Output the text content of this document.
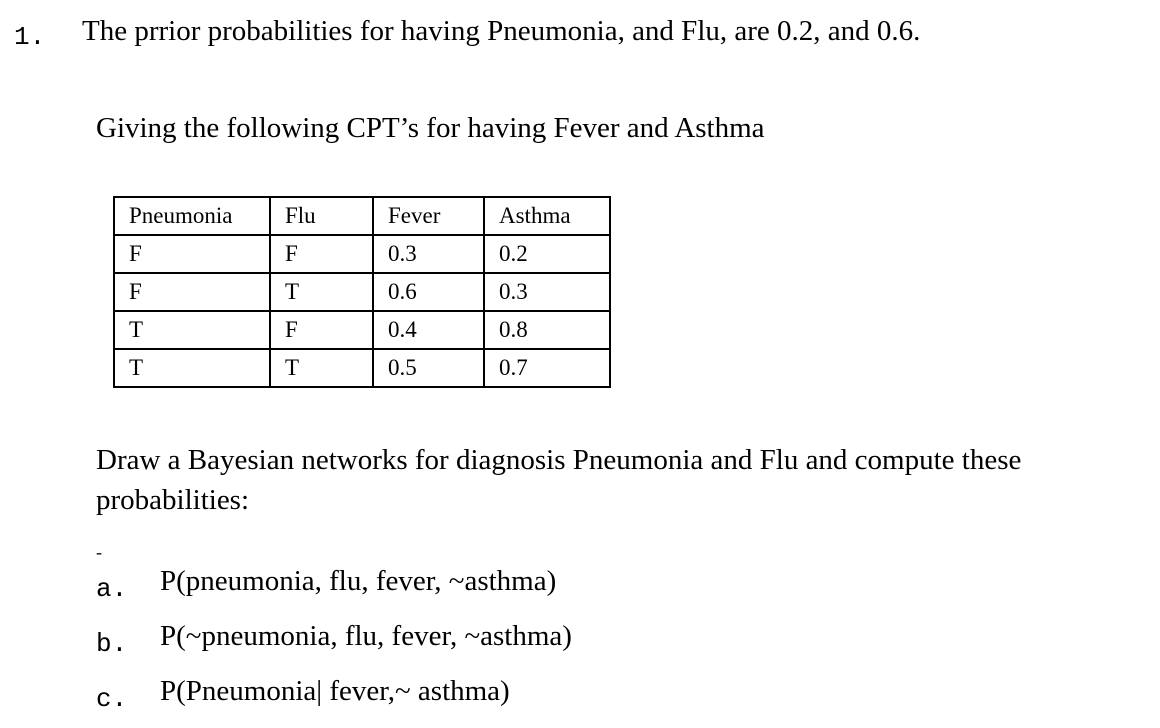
1. The prrior probabilities for having Pneumonia, and Flu, are 0.2, and 0.6.
Giving the following CPT’s for having Fever and Asthma
Pneumonia	Flu	Fever	Asthma
F	F	0.3	0.2
F	T	0.6	0.3
T	F	0.4	0.8
T	T	0.5	0.7
Draw a Bayesian networks for diagnosis Pneumonia and Flu and compute these probabilities:
-
a. P(pneumonia, flu, fever, ~asthma)
b. P(~pneumonia, flu, fever, ~asthma)
c. P(Pneumonia| fever,~ asthma)
